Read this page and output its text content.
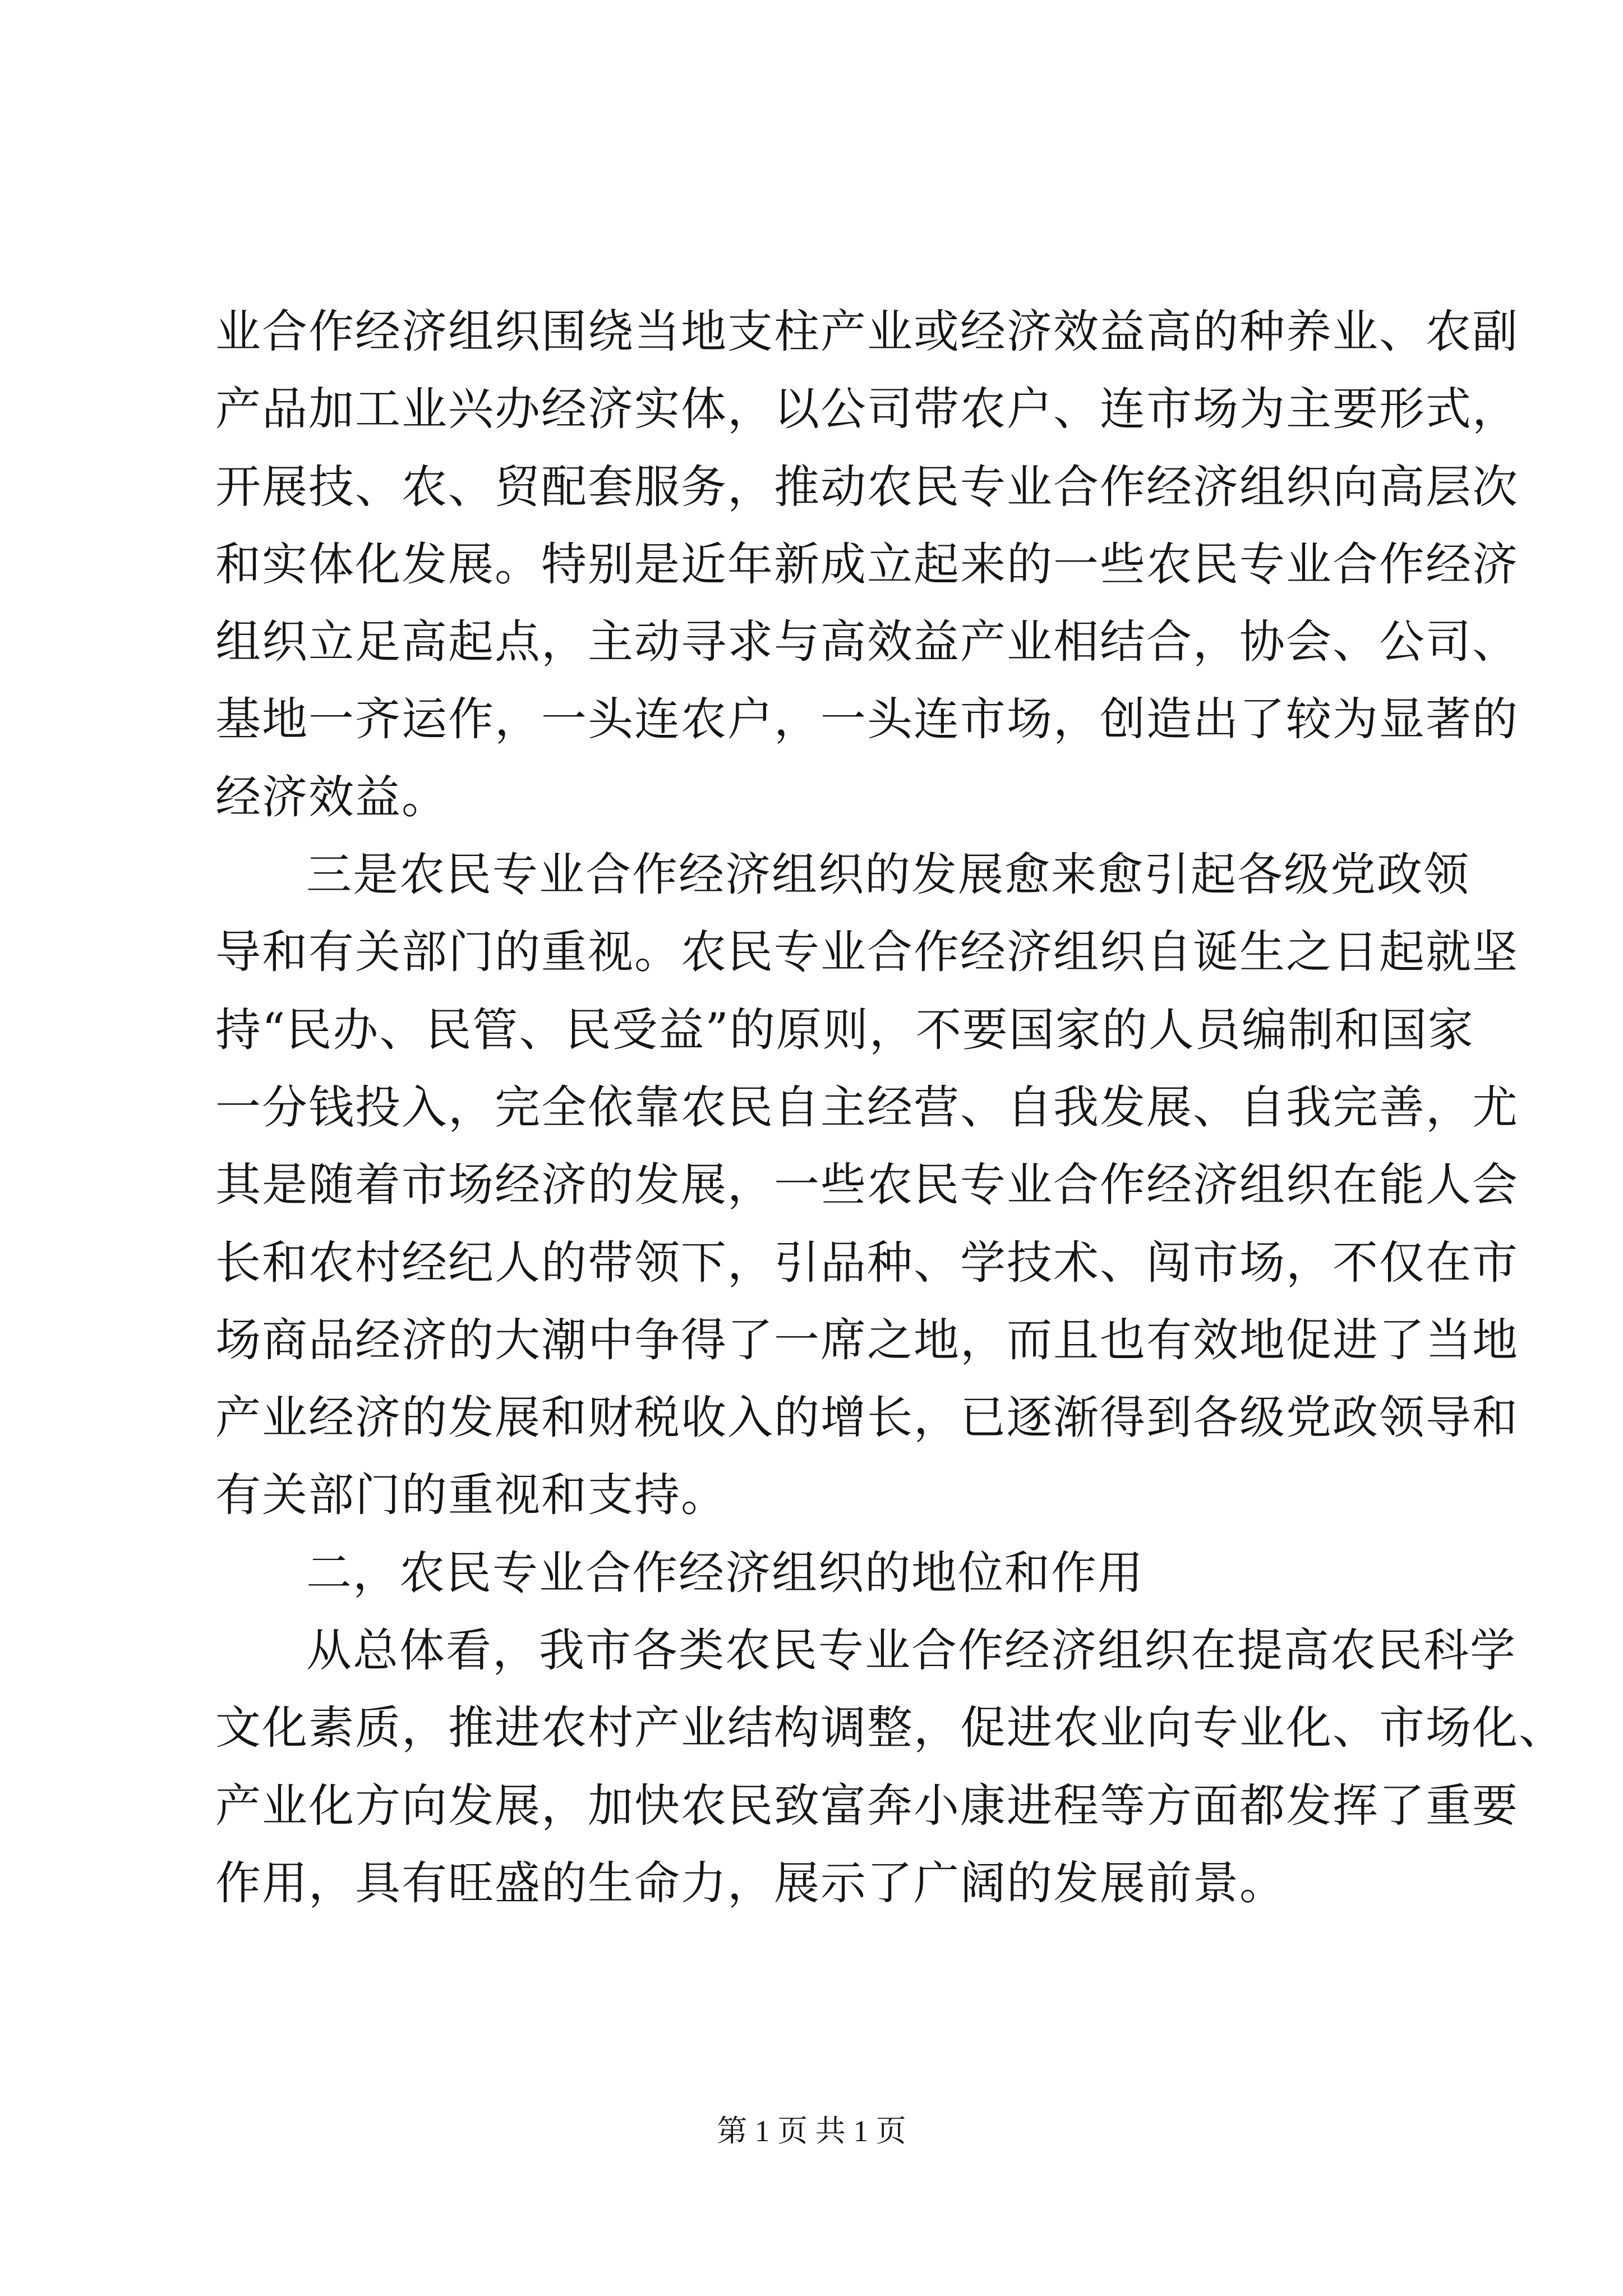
业合作经济组织围绕当地支柱产业或经济效益高的种养业、农副
产品加工业兴办经济实体，以公司带农户、连市场为主要形式，
开展技、农、贸配套服务，推动农民专业合作经济组织向高层次
和实体化发展。特别是近年新成立起来的一些农民专业合作经济
组织立足高起点，主动寻求与高效益产业相结合，协会、公司、
基地一齐运作，一头连农户，一头连市场，创造出了较为显著的
经济效益。
三是农民专业合作经济组织的发展愈来愈引起各级党政领
导和有关部门的重视。农民专业合作经济组织自诞生之日起就坚
持“民办、民管、民受益”的原则，不要国家的人员编制和国家
一分钱投入，完全依靠农民自主经营、自我发展、自我完善，尤
其是随着市场经济的发展，一些农民专业合作经济组织在能人会
长和农村经纪人的带领下，引品种、学技术、闯市场，不仅在市
场商品经济的大潮中争得了一席之地，而且也有效地促进了当地
产业经济的发展和财税收入的增长，已逐渐得到各级党政领导和
有关部门的重视和支持。
二，农民专业合作经济组织的地位和作用
从总体看，我市各类农民专业合作经济组织在提高农民科学
文化素质，推进农村产业结构调整，促进农业向专业化、市场化、
产业化方向发展，加快农民致富奔小康进程等方面都发挥了重要
作用，具有旺盛的生命力，展示了广阔的发展前景。
第 1 页 共 1 页
